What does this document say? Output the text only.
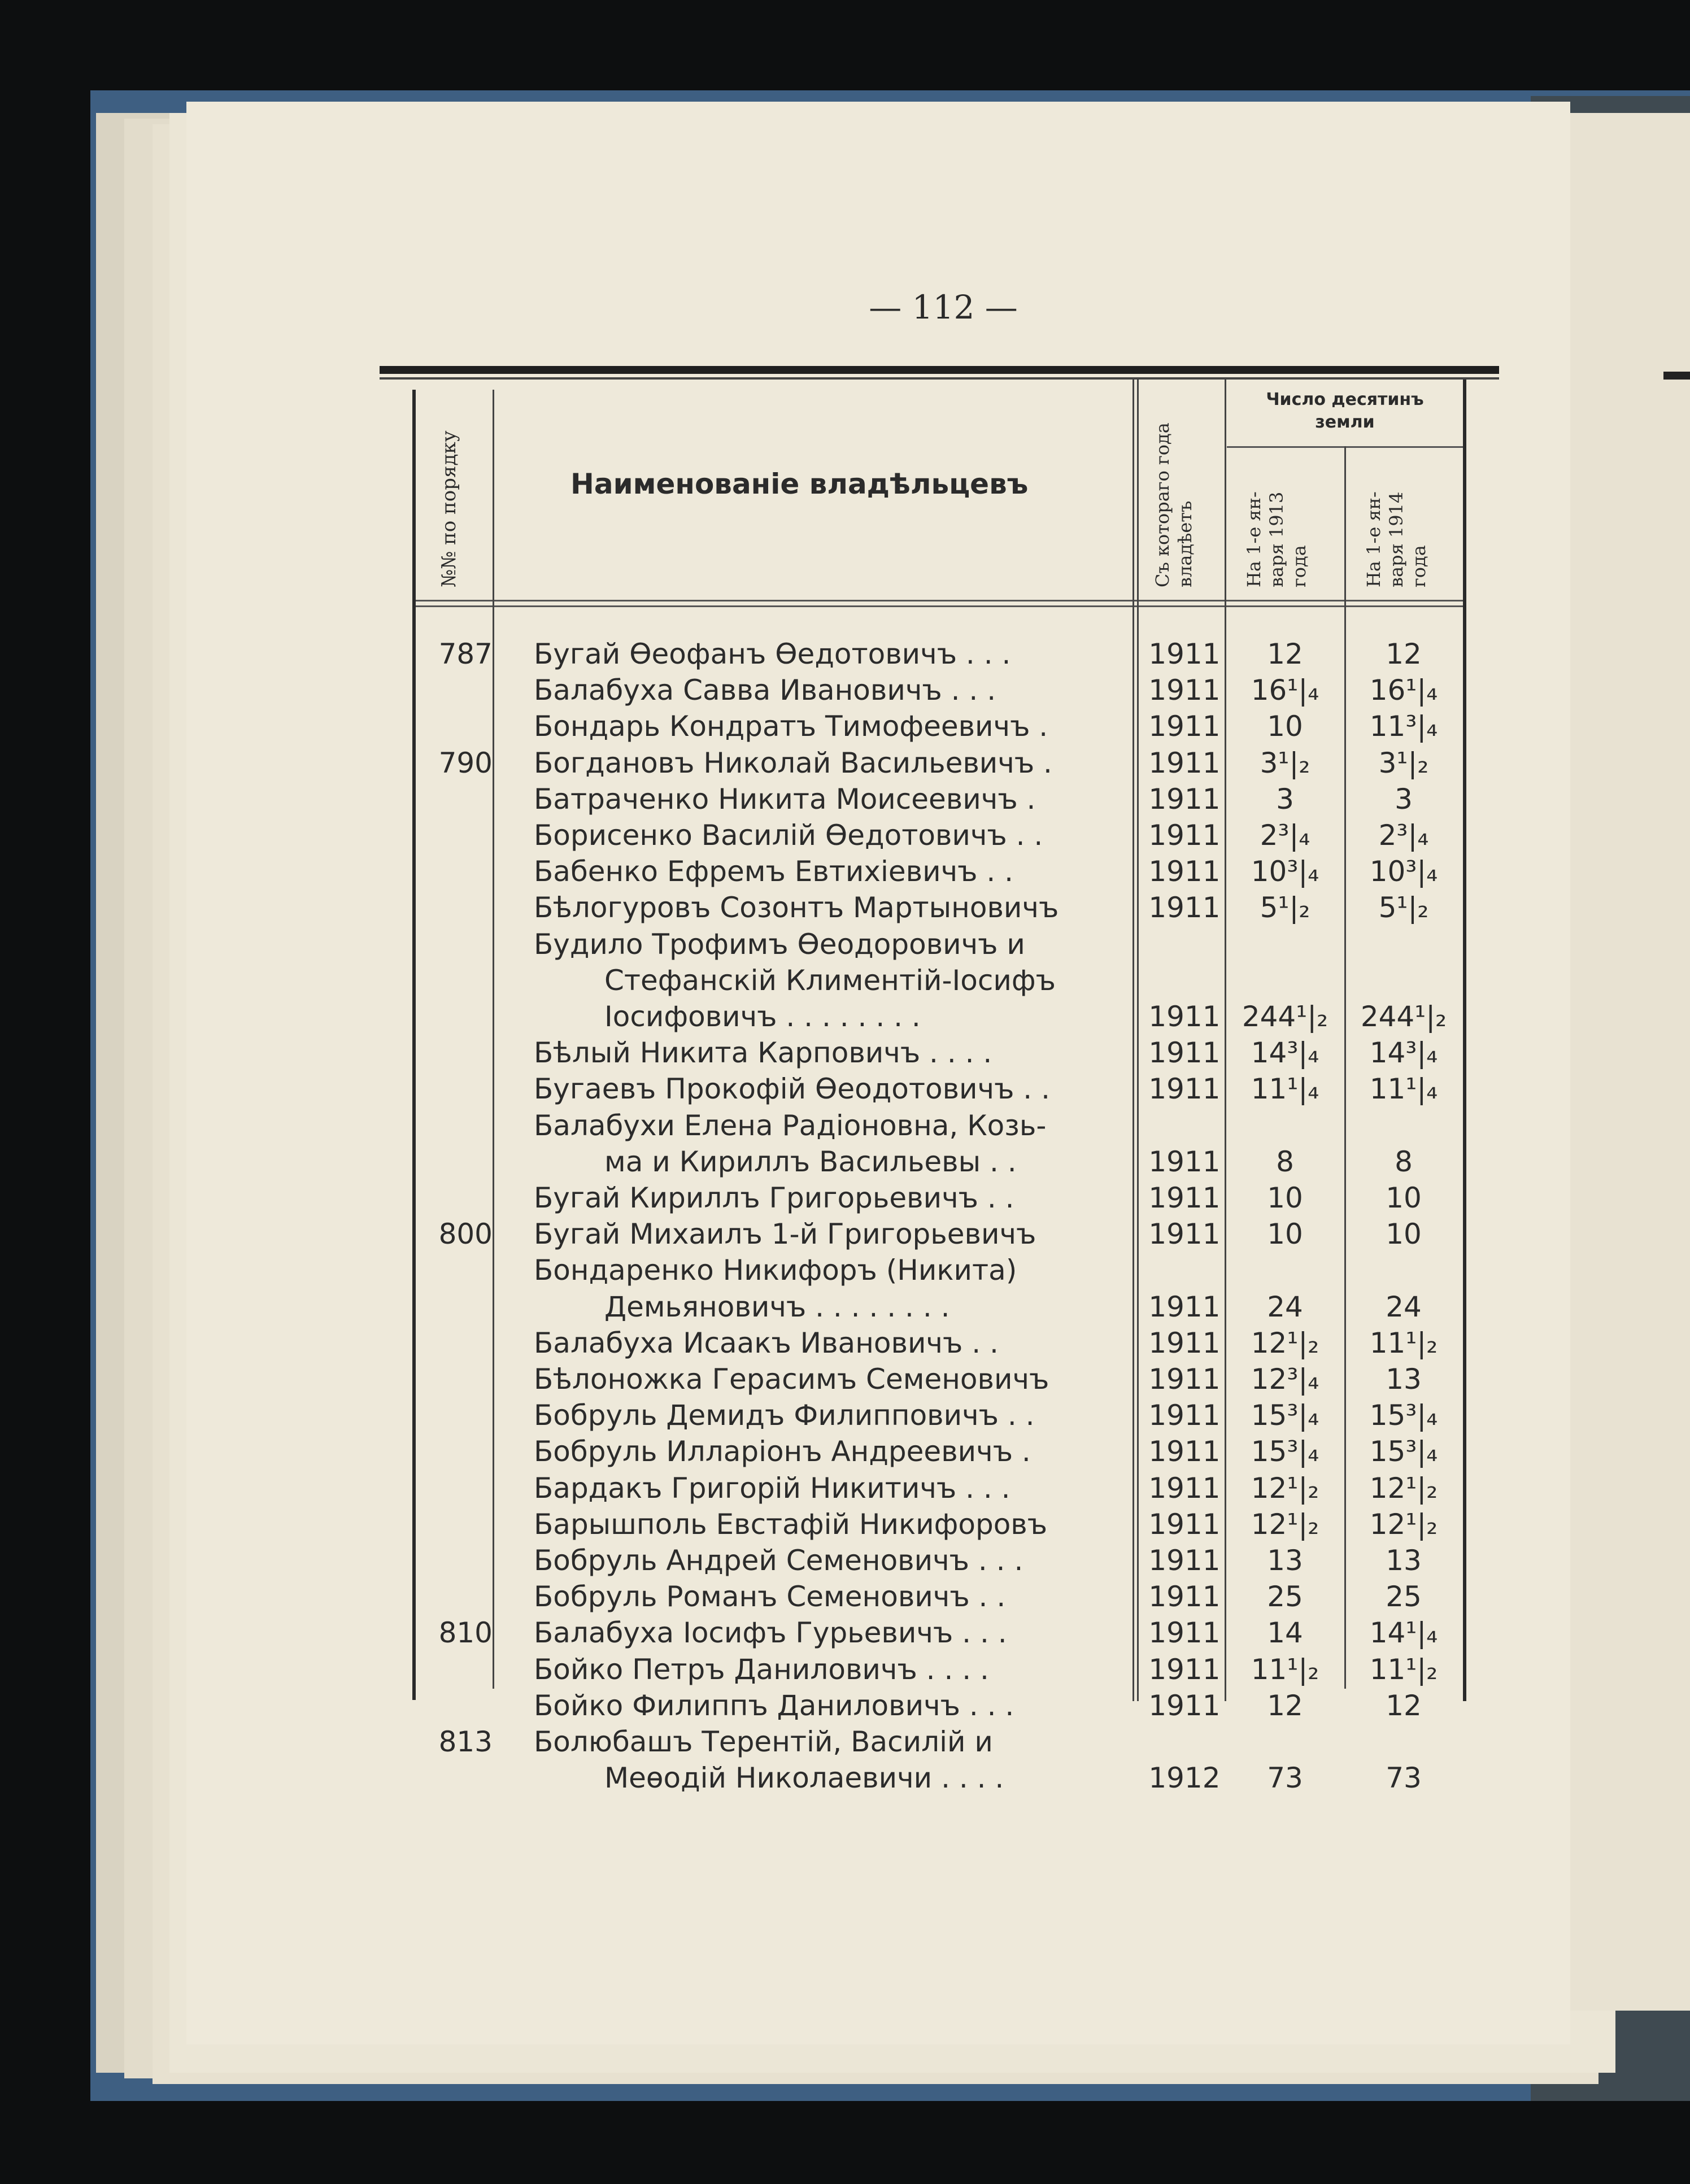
— 112 —
№№ по порядку	Наименованіе владѣльцевъ	Съ котораго года владѣетъ
Число десятинъ
земли
На 1-е ян- варя 1913 года	На 1-е ян- варя 1914 года
787 Бугай Ѳеофанъ Ѳедотовичъ . . .	1911	12	12
Балабуха Савва Ивановичъ . . .	1911	16¹|₄	16¹|₄
Бондарь Кондратъ Тимофеевичъ .	1911	10	11³|₄
790 Богдановъ Николай Васильевичъ .	1911	3¹|₂	3¹|₂
Батраченко Никита Моисеевичъ .	1911	3	3
Борисенко Василій Ѳедотовичъ . .	1911	2³|₄	2³|₄
Бабенко Ефремъ Евтихіевичъ . .	1911	10³|₄	10³|₄
Бѣлогуровъ Созонтъ Мартыновичъ	1911	5¹|₂	5¹|₂
Будило Трофимъ Ѳеодоровичъ и
Стефанскій Климентій-Іосифъ
Іосифовичъ . . . . . . . .	1911 244¹|₂	244¹|₂
Бѣлый Никита Карповичъ . . . .	1911	14³|₄	14³|₄
Бугаевъ Прокофій Ѳеодотовичъ . .	1911	11¹|₄	11¹|₄
Балабухи Елена Радіоновна, Козь-
ма и Кириллъ Васильевы . .	1911	8	8
Бугай Кириллъ Григорьевичъ . .	1911	10	10
800 Бугай Михаилъ 1-й Григорьевичъ	1911	10	10
Бондаренко Никифоръ (Никита)
Демьяновичъ . . . . . . . .	1911	24	24
Балабуха Исаакъ Ивановичъ . .	1911	12¹|₂	11¹|₂
Бѣлоножка Герасимъ Семеновичъ	1911	12³|₄	13
Бобруль Демидъ Филипповичъ . .	1911	15³|₄	15³|₄
Бобруль Илларіонъ Андреевичъ .	1911	15³|₄	15³|₄
Бардакъ Григорій Никитичъ . . .	1911	12¹|₂	12¹|₂
Барышполь Евстафій Никифоровъ	1911	12¹|₂	12¹|₂
Бобруль Андрей Семеновичъ . . .	1911	13	13
Бобруль Романъ Семеновичъ . .	1911	25	25
810 Балабуха Іосифъ Гурьевичъ . . .	1911	14	14¹|₄
Бойко Петръ Даниловичъ . . . .	1911	11¹|₂	11¹|₂
Бойко Филиппъ Даниловичъ . . .	1911	12	12
813 Болюбашъ Терентій, Василій и
Меѳодій Николаевичи . . . .	1912	73	73
